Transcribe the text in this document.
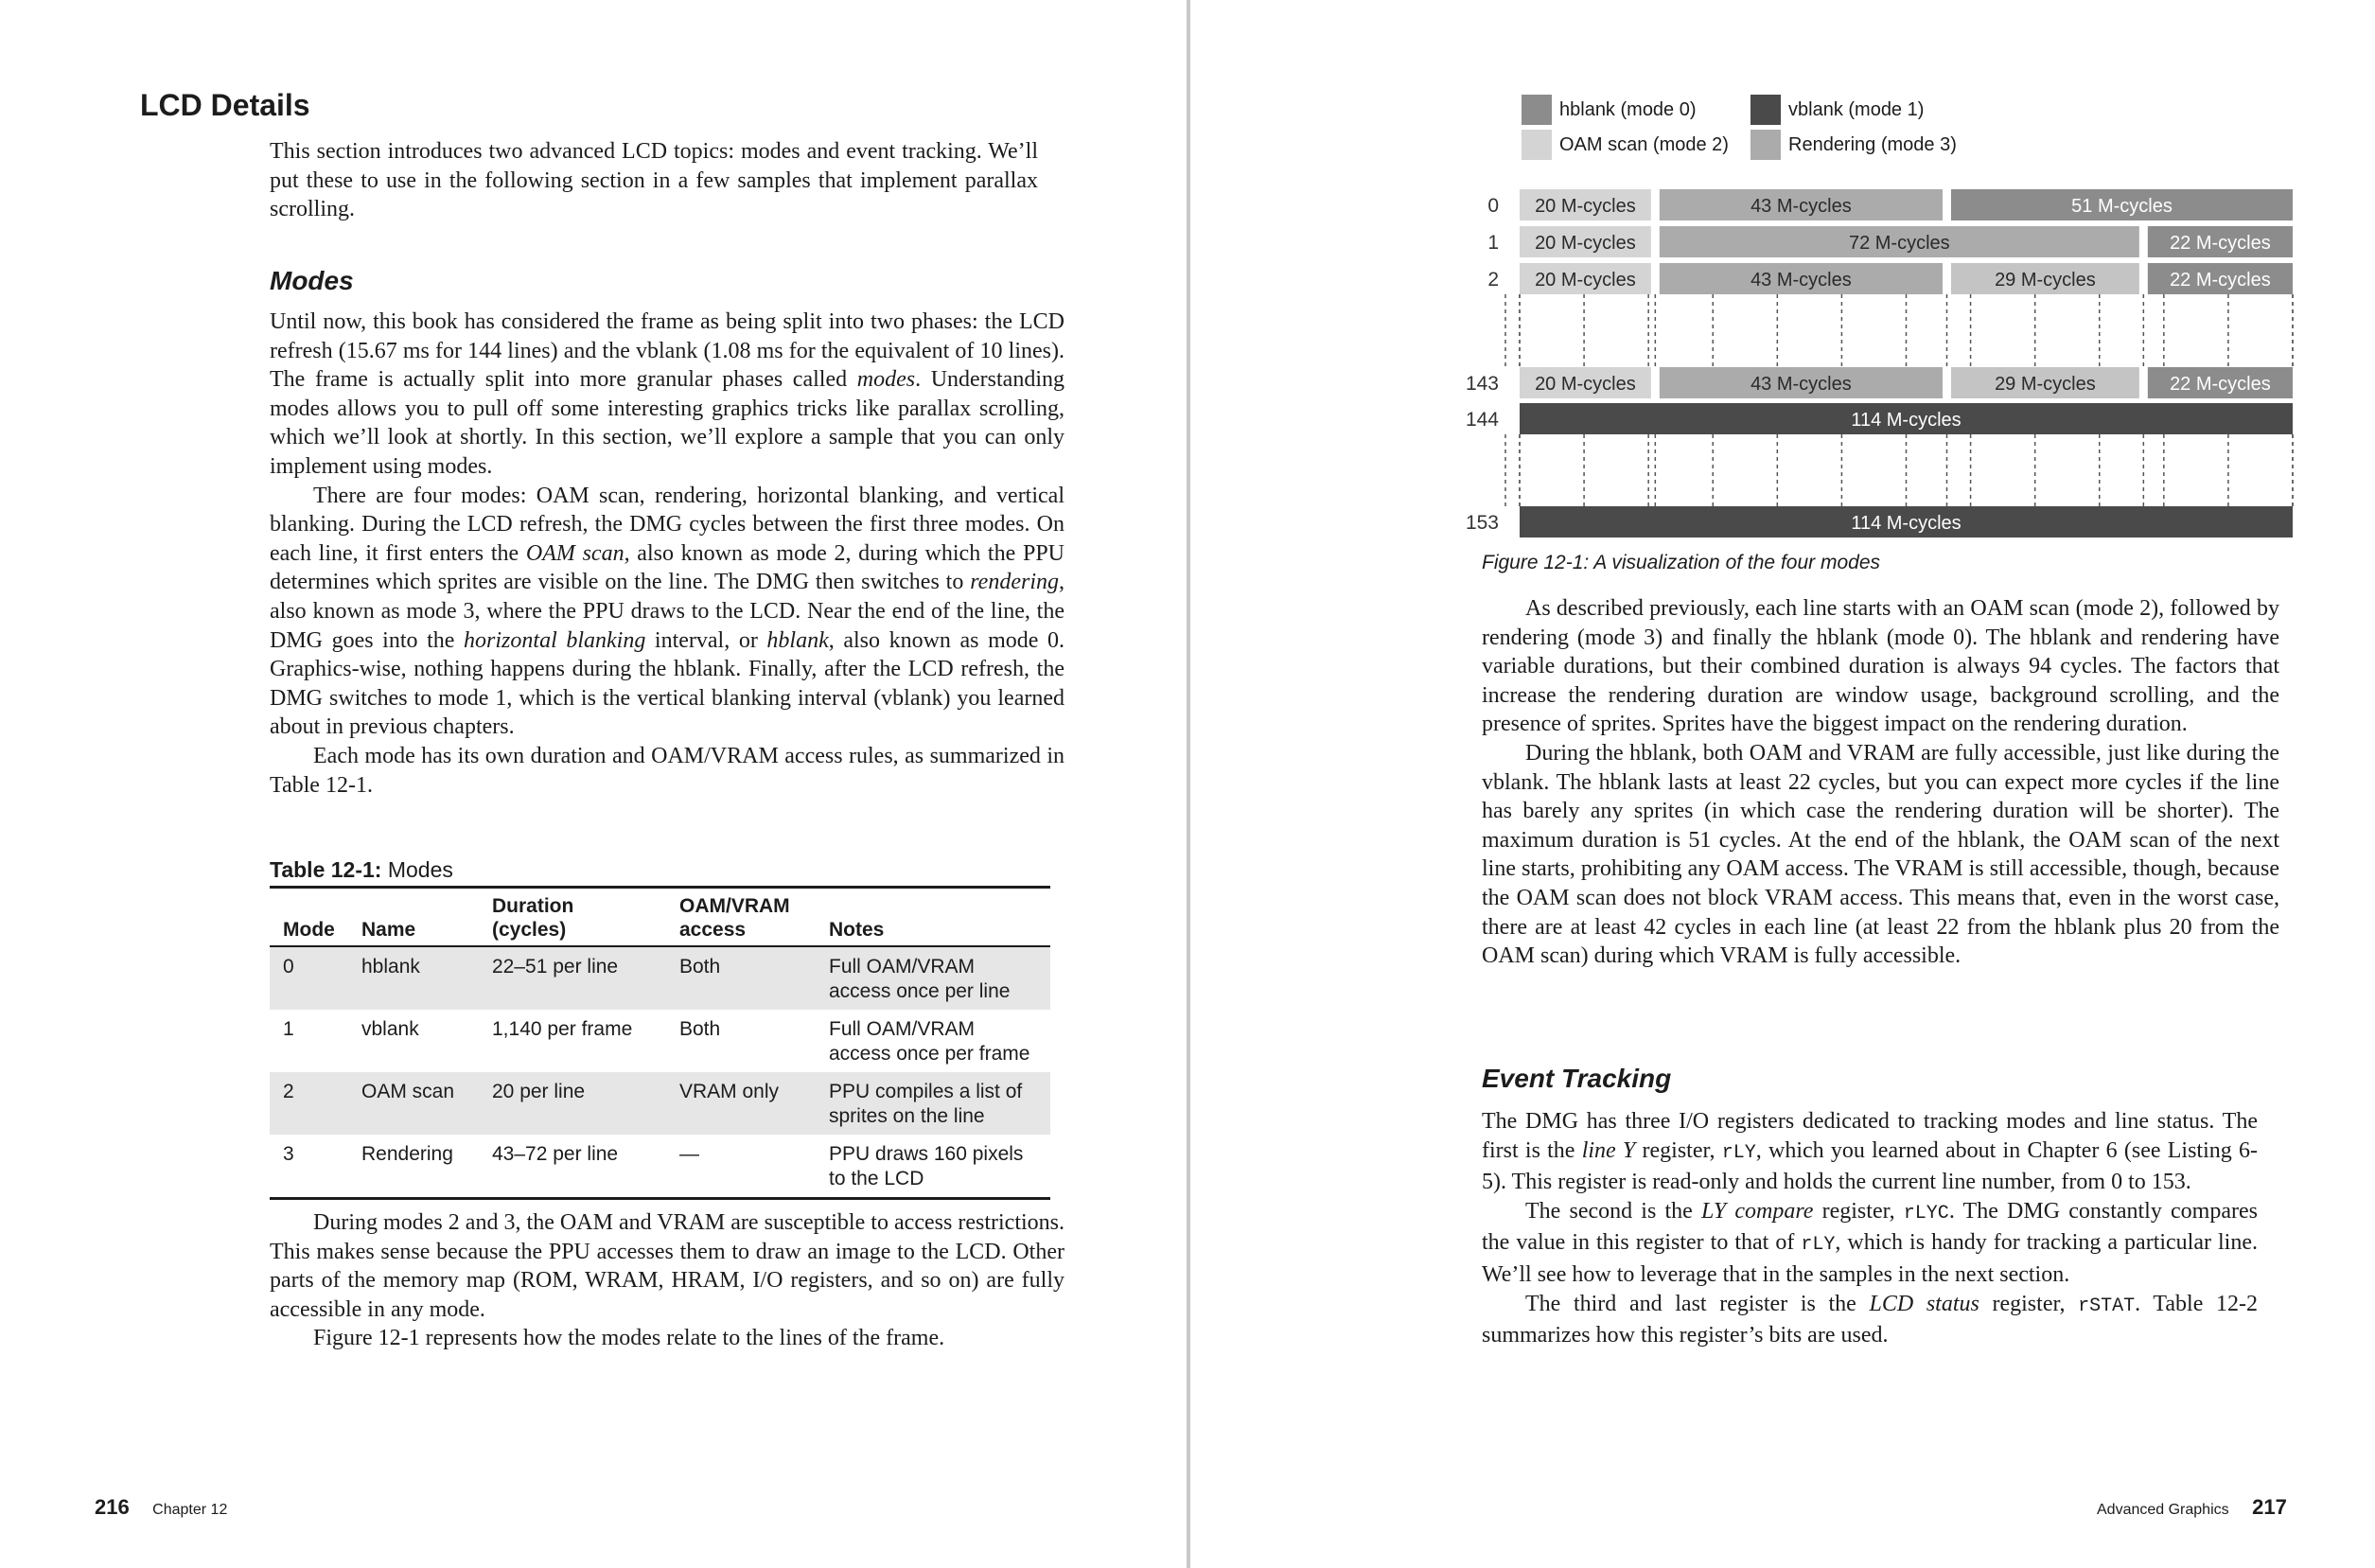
LCD Details

This section introduces two advanced LCD topics: modes and event tracking. We’ll put these to use in the following section in a few samples that implement parallax scrolling.

Modes

Until now, this book has considered the frame as being split into two phases: the LCD refresh (15.67 ms for 144 lines) and the vblank (1.08 ms for the equivalent of 10 lines). The frame is actually split into more granular phases called modes. Understanding modes allows you to pull off some interesting graphics tricks like parallax scrolling, which we’ll look at shortly. In this section, we’ll explore a sample that you can only implement using modes.

There are four modes: OAM scan, rendering, horizontal blanking, and vertical blanking. During the LCD refresh, the DMG cycles between the first three modes. On each line, it first enters the OAM scan, also known as mode 2, during which the PPU determines which sprites are visible on the line. The DMG then switches to rendering, also known as mode 3, where the PPU draws to the LCD. Near the end of the line, the DMG goes into the horizontal blanking interval, or hblank, also known as mode 0. Graphics-wise, nothing happens during the hblank. Finally, after the LCD refresh, the DMG switches to mode 1, which is the vertical blanking interval (vblank) you learned about in previous chapters.

Each mode has its own duration and OAM/VRAM access rules, as summarized in Table 12-1.

Table 12-1: Modes
Mode	Name	Duration (cycles)	OAM/VRAM access	Notes
0	hblank	22–51 per line	Both	Full OAM/VRAM access once per line
1	vblank	1,140 per frame	Both	Full OAM/VRAM access once per frame
2	OAM scan	20 per line	VRAM only	PPU compiles a list of sprites on the line
3	Rendering	43–72 per line	—	PPU draws 160 pixels to the LCD

During modes 2 and 3, the OAM and VRAM are susceptible to access restrictions. This makes sense because the PPU accesses them to draw an image to the LCD. Other parts of the memory map (ROM, WRAM, HRAM, I/O registers, and so on) are fully accessible in any mode.

Figure 12-1 represents how the modes relate to the lines of the frame.

216 Chapter 12
hblank (mode 0)	vblank (mode 1)
OAM scan (mode 2)	Rendering (mode 3)
0 20 M-cycles	43 M-cycles	51 M-cycles
1 20 M-cycles	72 M-cycles	22 M-cycles
2 20 M-cycles	43 M-cycles	29 M-cycles	22 M-cycles
143 20 M-cycles	43 M-cycles	29 M-cycles	22 M-cycles
144	114 M-cycles
153	114 M-cycles
Figure 12-1: A visualization of the four modes

As described previously, each line starts with an OAM scan (mode 2), followed by rendering (mode 3) and finally the hblank (mode 0). The hblank and rendering have variable durations, but their combined duration is always 94 cycles. The factors that increase the rendering duration are window usage, background scrolling, and the presence of sprites. Sprites have the biggest impact on the rendering duration.

During the hblank, both OAM and VRAM are fully accessible, just like during the vblank. The hblank lasts at least 22 cycles, but you can expect more cycles if the line has barely any sprites (in which case the rendering duration will be shorter). The maximum duration is 51 cycles. At the end of the hblank, the OAM scan of the next line starts, prohibiting any OAM access. The VRAM is still accessible, though, because the OAM scan does not block VRAM access. This means that, even in the worst case, there are at least 42 cycles in each line (at least 22 from the hblank plus 20 from the OAM scan) during which VRAM is fully accessible.

Event Tracking

The DMG has three I/O registers dedicated to tracking modes and line status. The first is the line Y register, rLY, which you learned about in Chapter 6 (see Listing 6-5). This register is read-only and holds the current line number, from 0 to 153.

The second is the LY compare register, rLYC. The DMG constantly compares the value in this register to that of rLY, which is handy for tracking a particular line. We’ll see how to leverage that in the samples in the next section.

The third and last register is the LCD status register, rSTAT. Table 12-2 summarizes how this register’s bits are used.

Advanced Graphics 217
